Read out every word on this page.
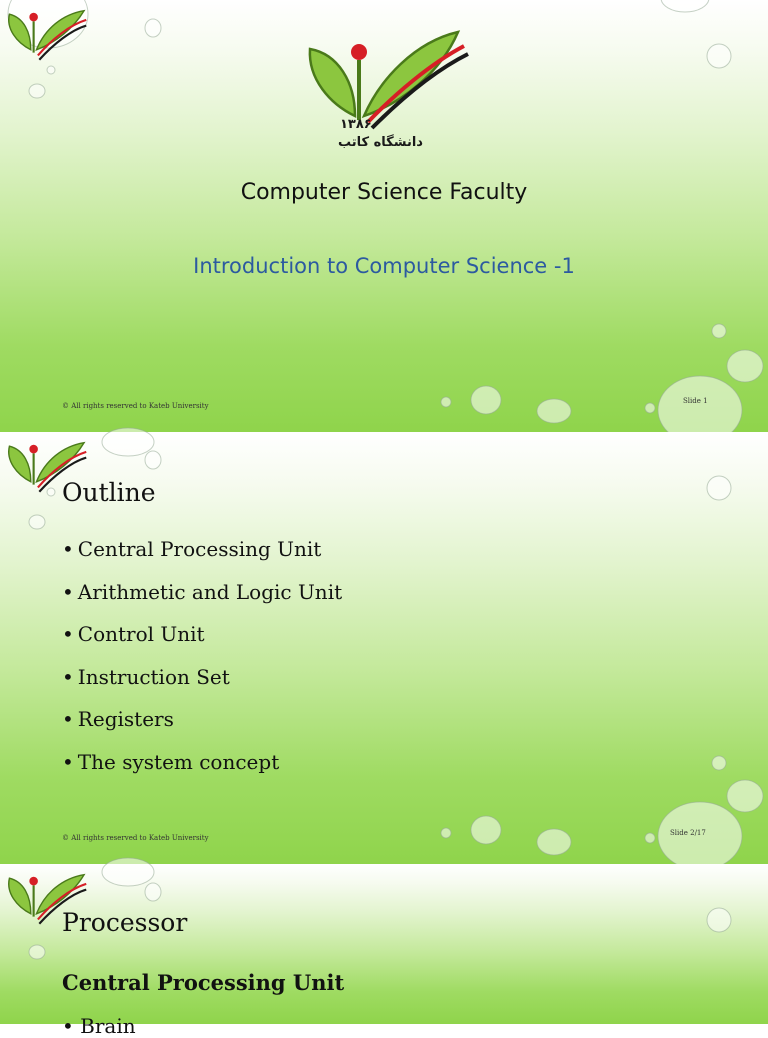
۱۳۸۶
دانشگاه کاتب
Computer Science Faculty
Introduction to Computer Science -1
© All rights reserved to Kateb University
Slide 1
Outline
• Central Processing Unit
• Arithmetic and Logic Unit
• Control Unit
• Instruction Set
• Registers
• The system concept
© All rights reserved to Kateb University
Slide 2/17
Processor
Central Processing Unit
• Brain
